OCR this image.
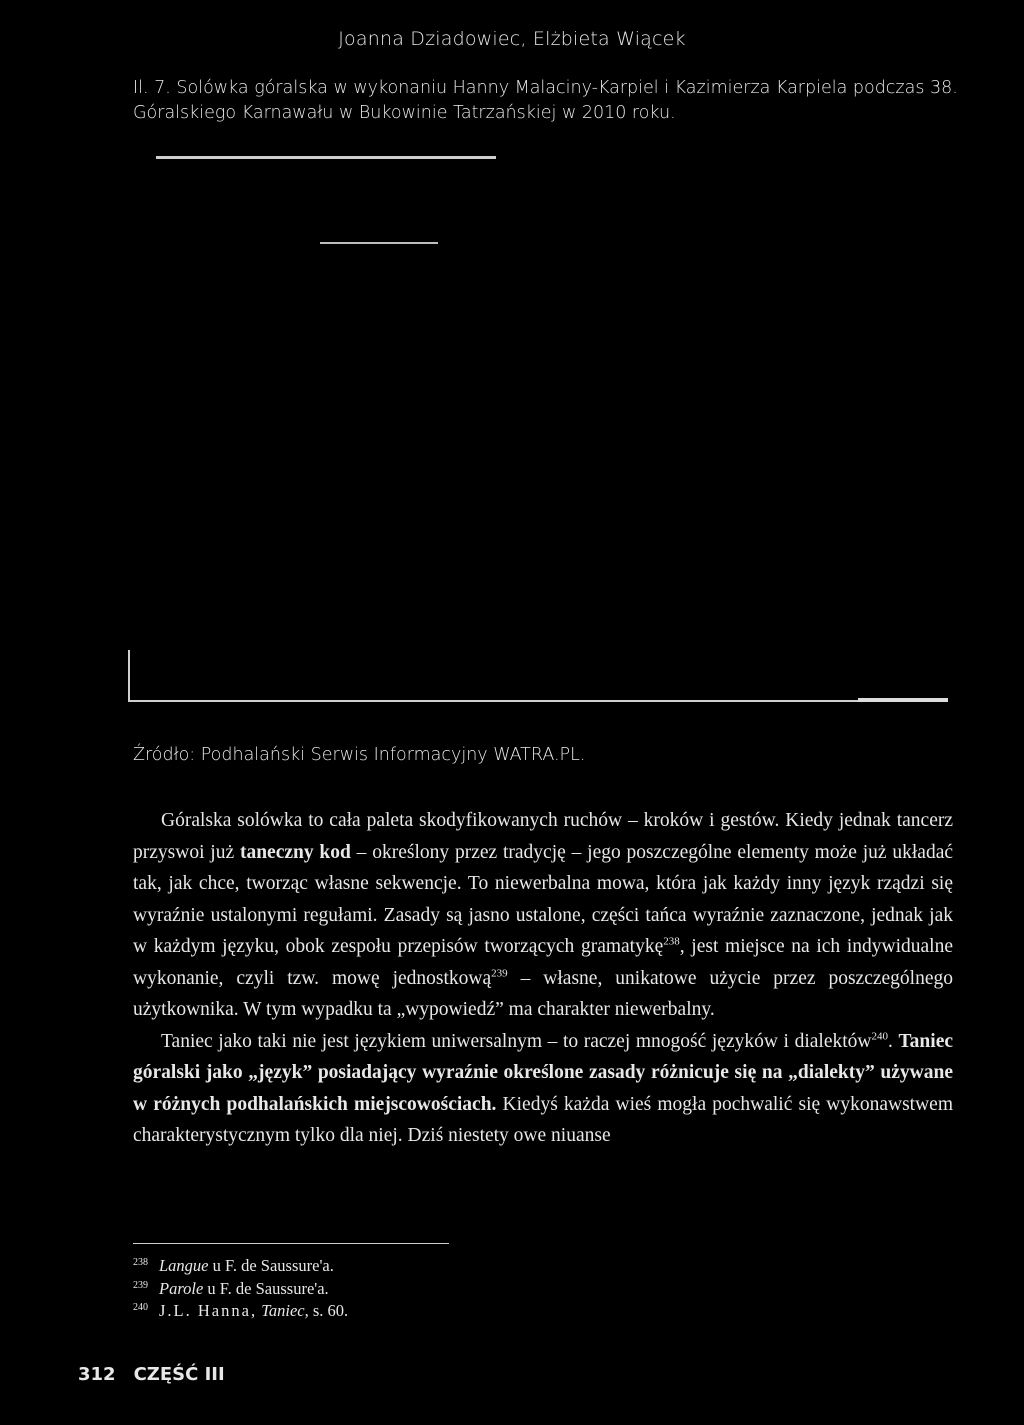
Joanna Dziadowiec, Elżbieta Wiącek
Il. 7. Solówka góralska w wykonaniu Hanny Malaciny-Karpiel i Kazimierza Karpiela podczas 38. Góralskiego Karnawału w Bukowinie Tatrzańskiej w 2010 roku.
Źródło: Podhalański Serwis Informacyjny WATRA.PL.

Góralska solówka to cała paleta skodyfikowanych ruchów – kroków i gestów. Kiedy jednak tancerz przyswoi już taneczny kod – określony przez tradycję – jego poszczególne elementy może już układać tak, jak chce, tworząc własne sekwencje. To niewerbalna mowa, która jak każdy inny język rządzi się wyraźnie ustalonymi regułami. Zasady są jasno ustalone, części tańca wyraźnie zaznaczone, jednak jak w każdym języku, obok zespołu przepisów tworzących gramatykę$^{238}$, jest miejsce na ich indywidualne wykonanie, czyli tzw. mowę jednostkową$^{239}$ – własne, unikatowe użycie przez poszczególnego użytkownika. W tym wypadku ta „wypowiedź” ma charakter niewerbalny.

Taniec jako taki nie jest językiem uniwersalnym – to raczej mnogość języków i dialektów$^{240}$. Taniec góralski jako „język” posiadający wyraźnie określone zasady różnicuje się na „dialekty” używane w różnych podhalańskich miejscowościach. Kiedyś każda wieś mogła pochwalić się wykonawstwem charakterystycznym tylko dla niej. Dziś niestety owe niuanse

238 Langue u F. de Saussure'a.
239 Parole u F. de Saussure'a.
240 J.L. Hanna, Taniec, s. 60.
312 CZĘŚĆ III
